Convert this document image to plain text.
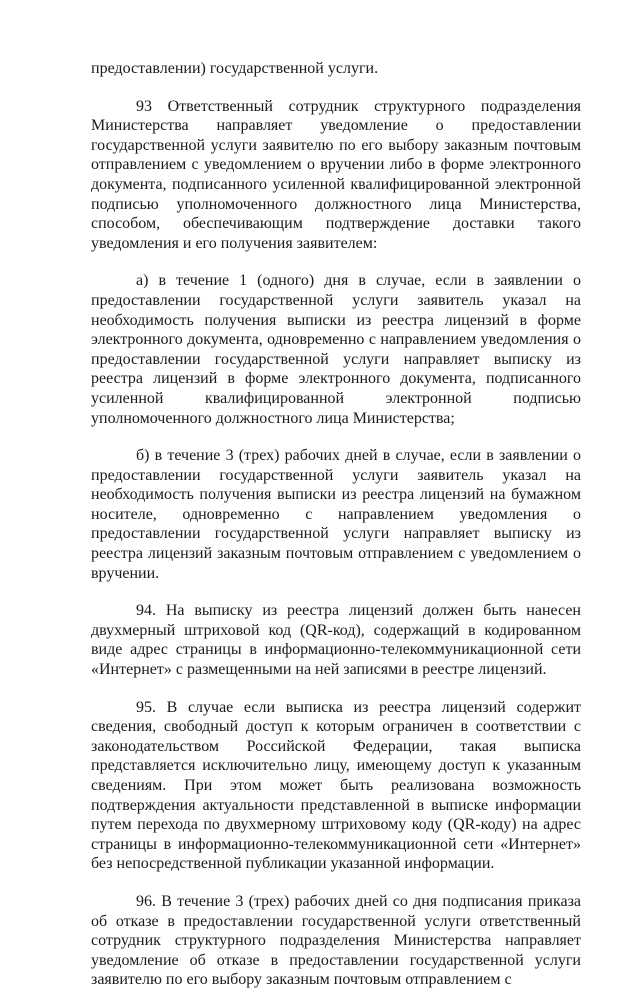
предоставлении) государственной услуги.

93 Ответственный сотрудник структурного подразделения Министерства направляет уведомление о предоставлении государственной услуги заявителю по его выбору заказным почтовым отправлением с уведомлением о вручении либо в форме электронного документа, подписанного усиленной квалифицированной электронной подписью уполномоченного должностного лица Министерства, способом, обеспечивающим подтверждение доставки такого уведомления и его получения заявителем:

а) в течение 1 (одного) дня в случае, если в заявлении о предоставлении государственной услуги заявитель указал на необходимость получения выписки из реестра лицензий в форме электронного документа, одновременно с направлением уведомления о предоставлении государственной услуги направляет выписку из реестра лицензий в форме электронного документа, подписанного усиленной квалифицированной электронной подписью уполномоченного должностного лица Министерства;

б) в течение 3 (трех) рабочих дней в случае, если в заявлении о предоставлении государственной услуги заявитель указал на необходимость получения выписки из реестра лицензий на бумажном носителе, одновременно с направлением уведомления о предоставлении государственной услуги направляет выписку из реестра лицензий заказным почтовым отправлением с уведомлением о вручении.

94. На выписку из реестра лицензий должен быть нанесен двухмерный штриховой код (QR-код), содержащий в кодированном виде адрес страницы в информационно-телекоммуникационной сети «Интернет» с размещенными на ней записями в реестре лицензий.

95. В случае если выписка из реестра лицензий содержит сведения, свободный доступ к которым ограничен в соответствии с законодательством Российской Федерации, такая выписка представляется исключительно лицу, имеющему доступ к указанным сведениям. При этом может быть реализована возможность подтверждения актуальности представленной в выписке информации путем перехода по двухмерному штриховому коду (QR-коду) на адрес страницы в информационно-телекоммуникационной сети «Интернет» без непосредственной публикации указанной информации.

96. В течение 3 (трех) рабочих дней со дня подписания приказа об отказе в предоставлении государственной услуги ответственный сотрудник структурного подразделения Министерства направляет уведомление об отказе в предоставлении государственной услуги заявителю по его выбору заказным почтовым отправлением с
